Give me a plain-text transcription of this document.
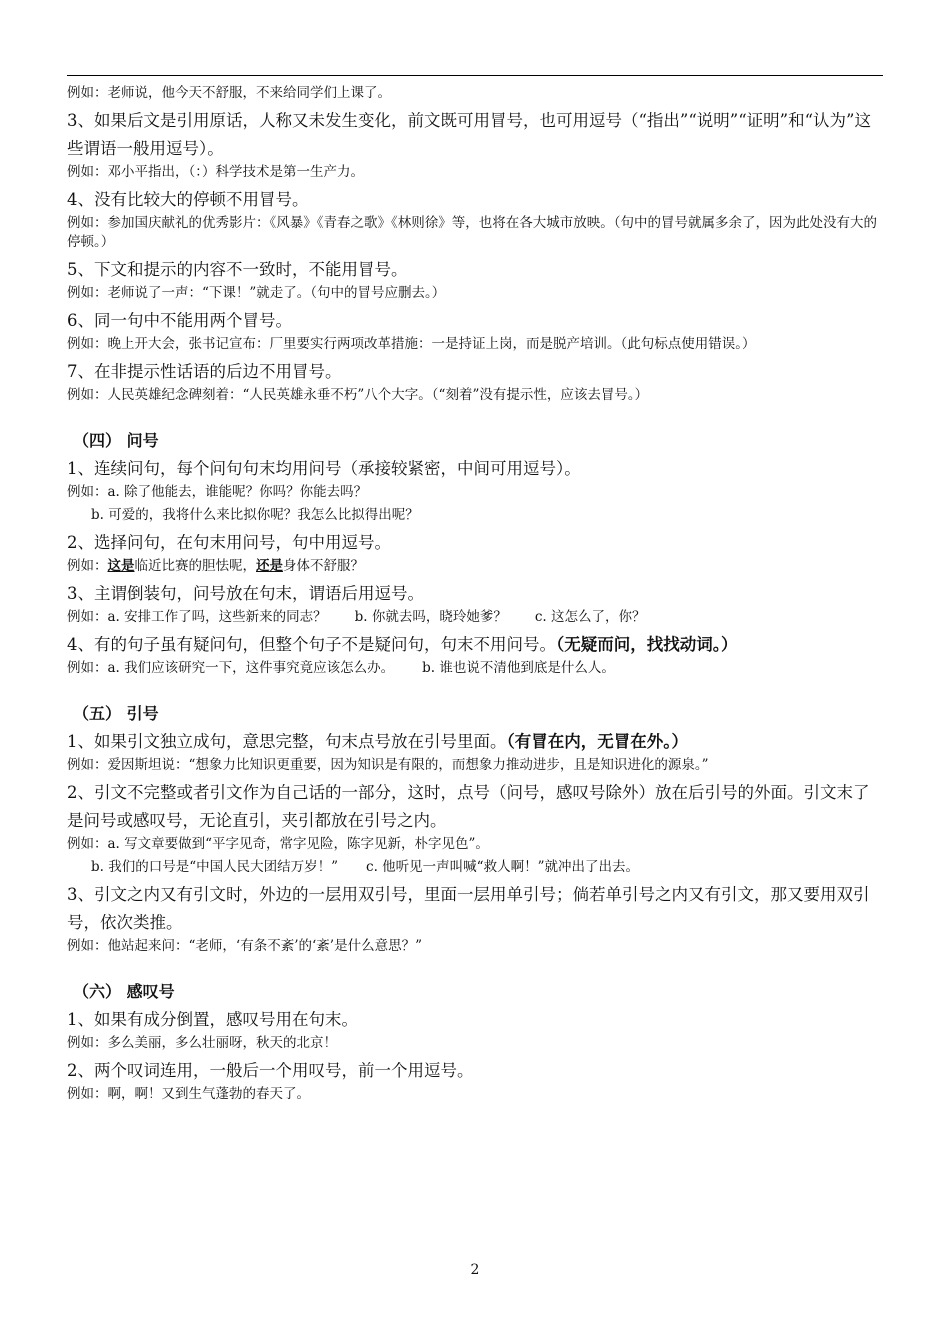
例如：老师说，他今天不舒服，不来给同学们上课了。

3、如果后文是引用原话，人称又未发生变化，前文既可用冒号，也可用逗号（“指出”“说明”“证明”和“认为”这些谓语一般用逗号）。

例如：邓小平指出，（：）科学技术是第一生产力。

4、没有比较大的停顿不用冒号。

例如：参加国庆献礼的优秀影片：《风暴》《青春之歌》《林则徐》等，也将在各大城市放映。（句中的冒号就属多余了，因为此处没有大的停顿。）

5、下文和提示的内容不一致时，不能用冒号。

例如：老师说了一声：“下课！”就走了。（句中的冒号应删去。）

6、同一句中不能用两个冒号。

例如：晚上开大会，张书记宣布：厂里要实行两项改革措施：一是持证上岗，而是脱产培训。（此句标点使用错误。）

7、在非提示性话语的后边不用冒号。

例如：人民英雄纪念碑刻着：“人民英雄永垂不朽”八个大字。（“刻着”没有提示性，应该去冒号。）

（四） 问号

1、连续问句，每个问句句末均用问号（承接较紧密，中间可用逗号）。

例如：a. 除了他能去，谁能呢？你吗？你能去吗？

b. 可爱的，我将什么来比拟你呢？我怎么比拟得出呢？

2、选择问句，在句末用问号，句中用逗号。

例如：这是临近比赛的胆怯呢，还是身体不舒服？

3、主谓倒装句，问号放在句末，谓语后用逗号。

例如：a. 安排工作了吗，这些新来的同志？ b. 你就去吗，晓玲她爹？ c. 这怎么了，你？

4、有的句子虽有疑问句，但整个句子不是疑问句，句末不用问号。（无疑而问，找找动词。）

例如：a. 我们应该研究一下，这件事究竟应该怎么办。 b. 谁也说不清他到底是什么人。

（五） 引号

1、如果引文独立成句，意思完整，句末点号放在引号里面。（有冒在内，无冒在外。）

例如：爱因斯坦说：“想象力比知识更重要，因为知识是有限的，而想象力推动进步，且是知识进化的源泉。”

2、引文不完整或者引文作为自己话的一部分，这时，点号（问号，感叹号除外）放在后引号的外面。引文末了是问号或感叹号，无论直引，夹引都放在引号之内。

例如：a. 写文章要做到“平字见奇，常字见险，陈字见新，朴字见色”。

b. 我们的口号是“中国人民大团结万岁！” c. 他听见一声叫喊“救人啊！”就冲出了出去。

3、引文之内又有引文时，外边的一层用双引号，里面一层用单引号；倘若单引号之内又有引文，那又要用双引号，依次类推。

例如：他站起来问：“老师，‘有条不紊’的‘紊’是什么意思？”

（六） 感叹号

1、如果有成分倒置，感叹号用在句末。

例如：多么美丽，多么壮丽呀，秋天的北京！

2、两个叹词连用，一般后一个用叹号，前一个用逗号。

例如：啊，啊！又到生气蓬勃的春天了。

2
